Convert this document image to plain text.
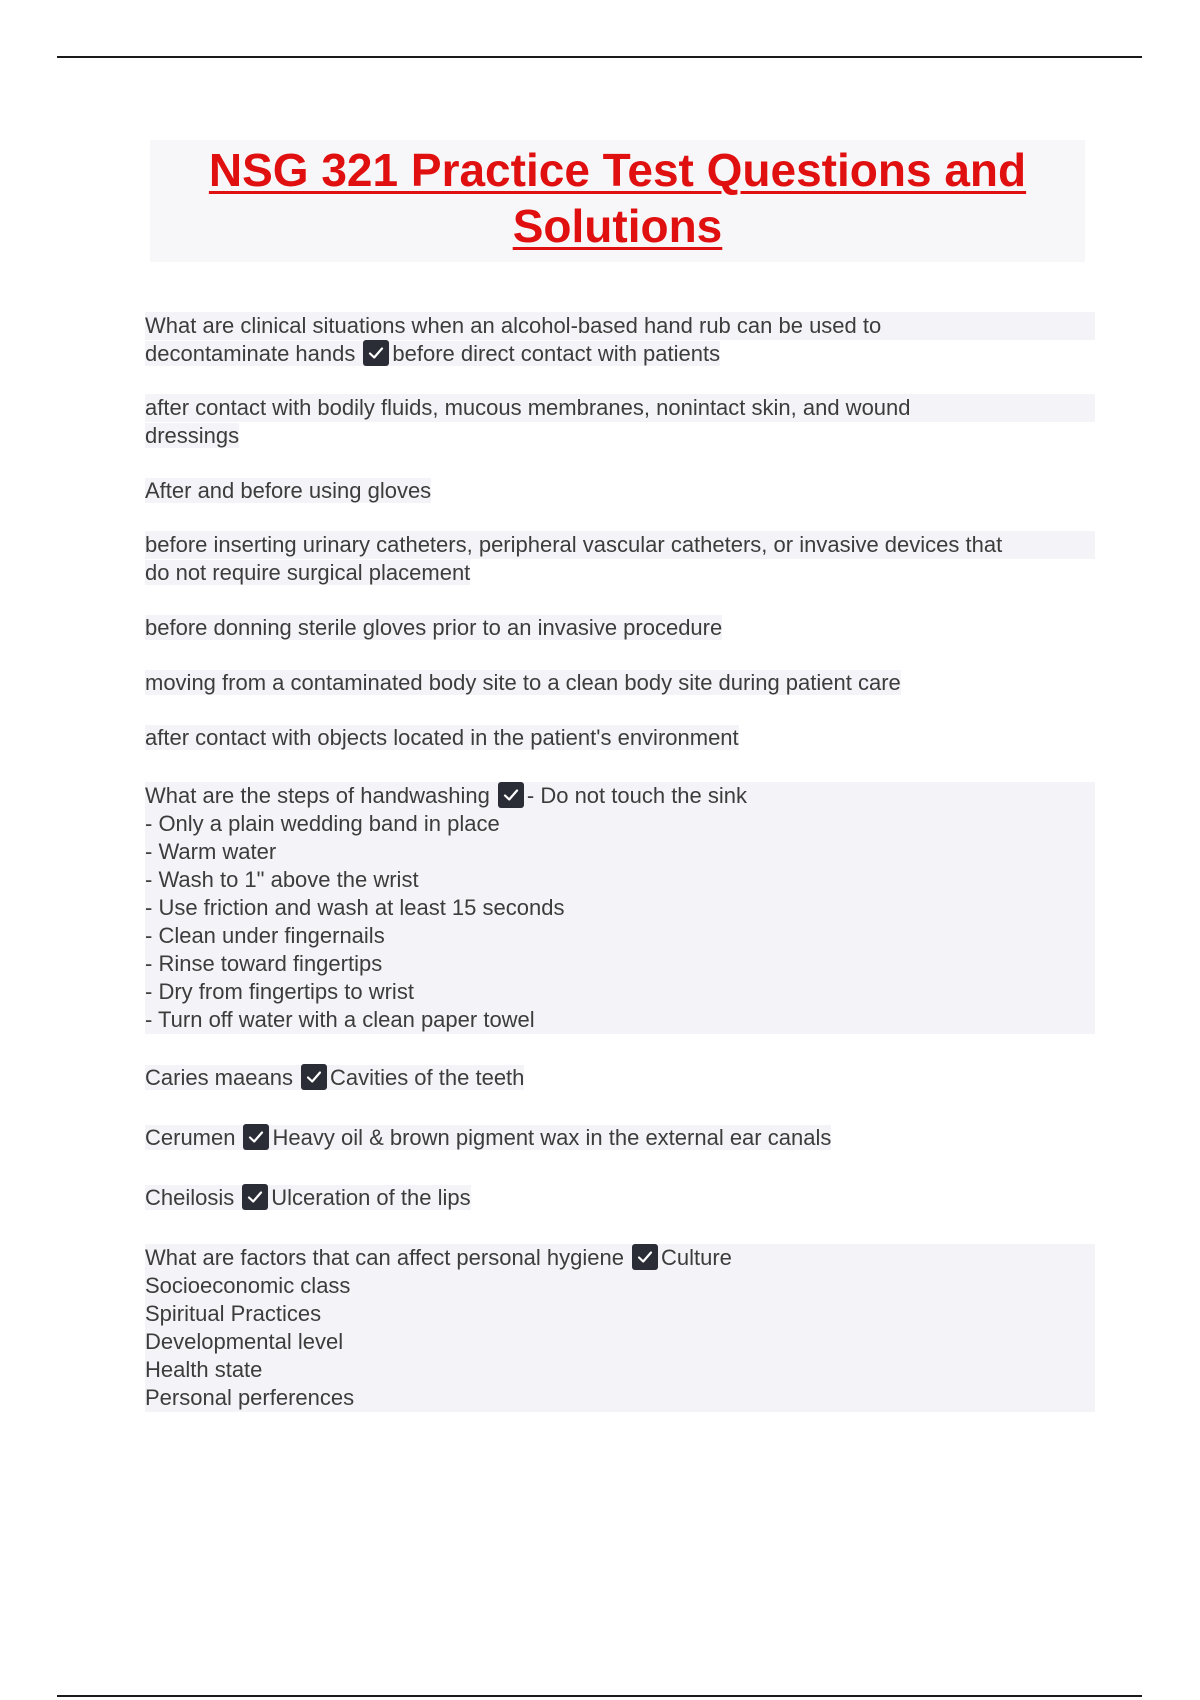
NSG 321 Practice Test Questions and
Solutions

What are clinical situations when an alcohol-based hand rub can be used to
decontaminate hands before direct contact with patients

after contact with bodily fluids, mucous membranes, nonintact skin, and wound
dressings

After and before using gloves

before inserting urinary catheters, peripheral vascular catheters, or invasive devices that
do not require surgical placement

before donning sterile gloves prior to an invasive procedure

moving from a contaminated body site to a clean body site during patient care

after contact with objects located in the patient's environment

What are the steps of handwashing - Do not touch the sink
- Only a plain wedding band in place
- Warm water
- Wash to 1" above the wrist
- Use friction and wash at least 15 seconds
- Clean under fingernails
- Rinse toward fingertips
- Dry from fingertips to wrist
- Turn off water with a clean paper towel

Caries maeans Cavities of the teeth

Cerumen Heavy oil & brown pigment wax in the external ear canals

Cheilosis Ulceration of the lips

What are factors that can affect personal hygiene Culture
Socioeconomic class
Spiritual Practices
Developmental level
Health state
Personal perferences
